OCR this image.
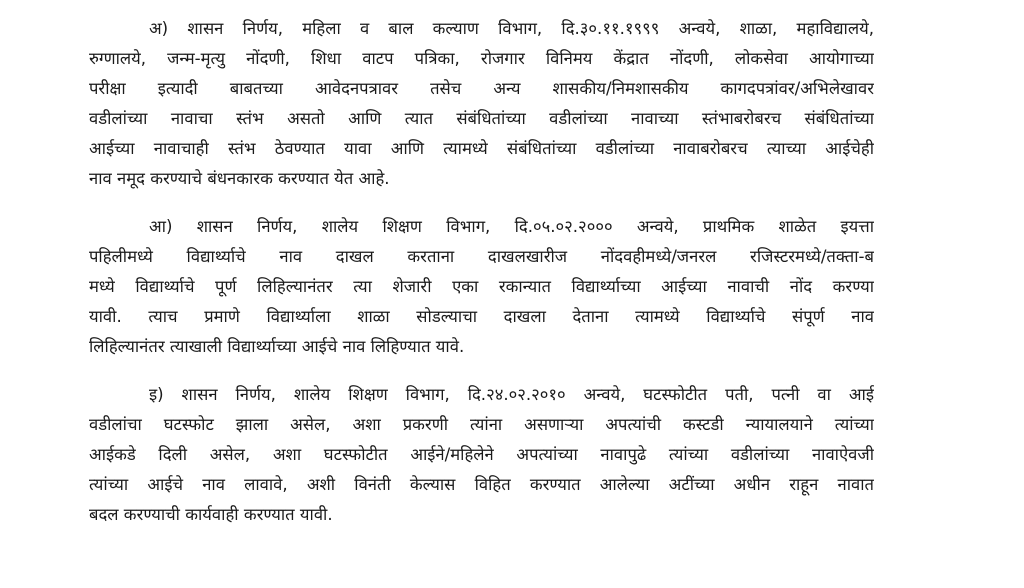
अ) शासन निर्णय, महिला व बाल कल्याण विभाग, दि.३०.११.१९९९ अन्वये, शाळा, महाविद्यालये,
रुग्णालये, जन्म-मृत्यु नोंदणी, शिधा वाटप पत्रिका, रोजगार विनिमय केंद्रात नोंदणी, लोकसेवा आयोगाच्या
परीक्षा इत्यादी बाबतच्या आवेदनपत्रावर तसेच अन्य शासकीय/निमशासकीय कागदपत्रांवर/अभिलेखावर
वडीलांच्या नावाचा स्तंभ असतो आणि त्यात संबंधितांच्या वडीलांच्या नावाच्या स्तंभाबरोबरच संबंधितांच्या
आईच्या नावाचाही स्तंभ ठेवण्यात यावा आणि त्यामध्ये संबंधितांच्या वडीलांच्या नावाबरोबरच त्याच्या आईचेही
नाव नमूद करण्याचे बंधनकारक करण्यात येत आहे.
आ) शासन निर्णय, शालेय शिक्षण विभाग, दि.०५.०२.२००० अन्वये, प्राथमिक शाळेत इयत्ता
पहिलीमध्ये विद्यार्थ्याचे नाव दाखल करताना दाखलखारीज नोंदवहीमध्ये/जनरल रजिस्टरमध्ये/तक्ता-ब
मध्ये विद्यार्थ्याचे पूर्ण लिहिल्यानंतर त्या शेजारी एका रकान्यात विद्यार्थ्याच्या आईच्या नावाची नोंद करण्या
यावी. त्याच प्रमाणे विद्यार्थ्याला शाळा सोडल्याचा दाखला देताना त्यामध्ये विद्यार्थ्याचे संपूर्ण नाव
लिहिल्यानंतर त्याखाली विद्यार्थ्याच्या आईचे नाव लिहिण्यात यावे.
इ) शासन निर्णय, शालेय शिक्षण विभाग, दि.२४.०२.२०१० अन्वये, घटस्फोटीत पती, पत्नी वा आई
वडीलांचा घटस्फोट झाला असेल, अशा प्रकरणी त्यांना असणाऱ्या अपत्यांची कस्टडी न्यायालयाने त्यांच्या
आईकडे दिली असेल, अशा घटस्फोटीत आईने/महिलेने अपत्यांच्या नावापुढे त्यांच्या वडीलांच्या नावाऐवजी
त्यांच्या आईचे नाव लावावे, अशी विनंती केल्यास विहित करण्यात आलेल्या अटींच्या अधीन राहून नावात
बदल करण्याची कार्यवाही करण्यात यावी.
